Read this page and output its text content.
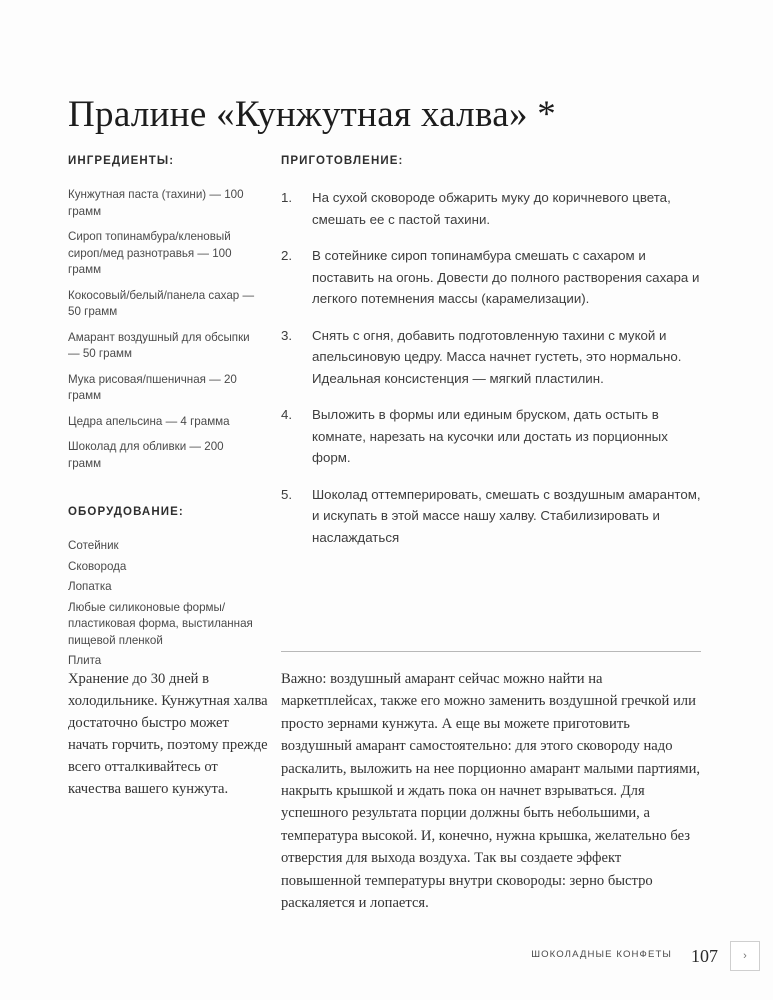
Пралине «Кунжутная халва» *
ИНГРЕДИЕНТЫ:
Кунжутная паста (тахини) — 100 грамм
Сироп топинамбура/кленовый сироп/мед разнотравья — 100 грамм
Кокосовый/белый/панела сахар — 50 грамм
Амарант воздушный для обсыпки — 50 грамм
Мука рисовая/пшеничная — 20 грамм
Цедра апельсина — 4 грамма
Шоколад для обливки — 200 грамм
ОБОРУДОВАНИЕ:
Сотейник
Сковорода
Лопатка
Любые силиконовые формы/пластиковая форма, выстиланная пищевой пленкой
Плита
ПРИГОТОВЛЕНИЕ:
1.	На сухой сковороде обжарить муку до коричневого цвета, смешать ее с пастой тахини.
2.	В сотейнике сироп топинамбура смешать с сахаром и поставить на огонь. Довести до полного растворения сахара и легкого потемнения массы (карамелизации).
3.	Снять с огня, добавить подготовленную тахини с мукой и апельсиновую цедру. Масса начнет густеть, это нормально. Идеальная консистенция — мягкий пластилин.
4.	Выложить в формы или единым бруском, дать остыть в комнате, нарезать на кусочки или достать из порционных форм.
5.	Шоколад оттемперировать, смешать с воздушным амарантом, и искупать в этой массе нашу халву. Стабилизировать и наслаждаться
Хранение до 30 дней в холодильнике. Кунжутная халва достаточно быстро может начать горчить, поэтому прежде всего отталкивайтесь от качества вашего кунжута.
Важно: воздушный амарант сейчас можно найти на маркетплейсах, также его можно заменить воздушной гречкой или просто зернами кунжута. А еще вы можете приготовить воздушный амарант самостоятельно: для этого сковороду надо раскалить, выложить на нее порционно амарант малыми партиями, накрыть крышкой и ждать пока он начнет взрываться. Для успешного результата порции должны быть небольшими, а температура высокой. И, конечно, нужна крышка, желательно без отверстия для выхода воздуха. Так вы создаете эффект повышенной температуры внутри сковороды: зерно быстро раскаляется и лопается.
ШОКОЛАДНЫЕ КОНФЕТЫ 107 ›
